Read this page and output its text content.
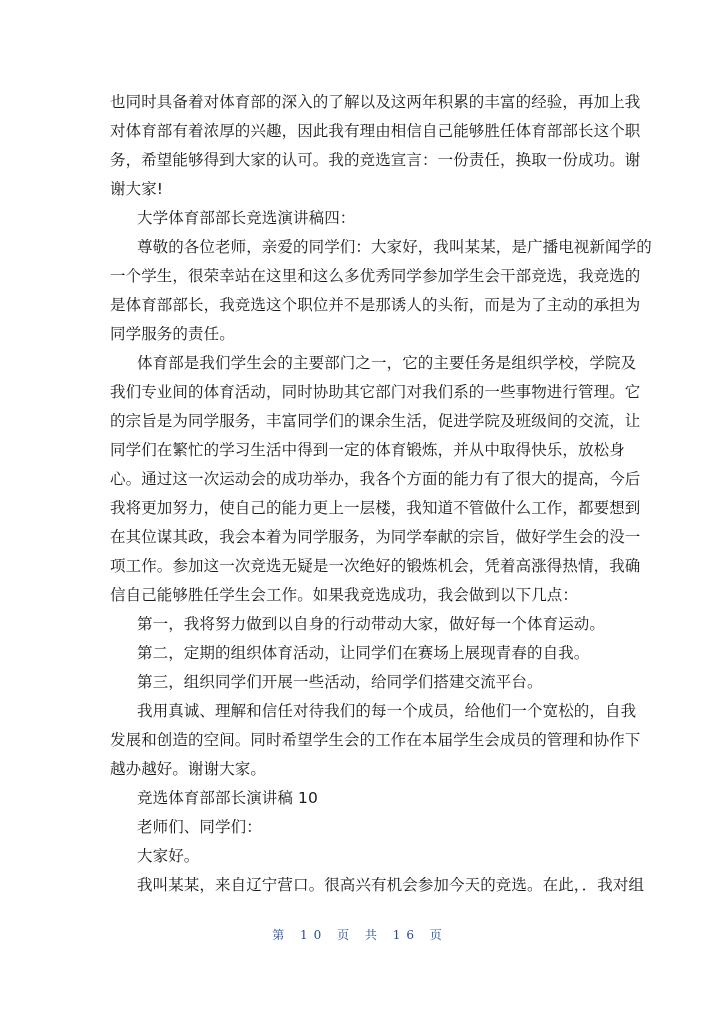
也同时具备着对体育部的深入的了解以及这两年积累的丰富的经验，再加上我
对体育部有着浓厚的兴趣，因此我有理由相信自己能够胜任体育部部长这个职
务，希望能够得到大家的认可。我的竞选宣言：一份责任，换取一份成功。谢
谢大家!
大学体育部部长竞选演讲稿四：
尊敬的各位老师，亲爱的同学们：大家好，我叫某某，是广播电视新闻学的
一个学生，很荣幸站在这里和这么多优秀同学参加学生会干部竞选，我竞选的
是体育部部长，我竞选这个职位并不是那诱人的头衔，而是为了主动的承担为
同学服务的责任。
体育部是我们学生会的主要部门之一，它的主要任务是组织学校，学院及
我们专业间的体育活动，同时协助其它部门对我们系的一些事物进行管理。它
的宗旨是为同学服务，丰富同学们的课余生活，促进学院及班级间的交流，让
同学们在繁忙的学习生活中得到一定的体育锻炼，并从中取得快乐，放松身
心。通过这一次运动会的成功举办，我各个方面的能力有了很大的提高，今后
我将更加努力，使自己的能力更上一层楼，我知道不管做什么工作，都要想到
在其位谋其政，我会本着为同学服务，为同学奉献的宗旨，做好学生会的没一
项工作。参加这一次竞选无疑是一次绝好的锻炼机会，凭着高涨得热情，我确
信自己能够胜任学生会工作。如果我竞选成功，我会做到以下几点：
第一，我将努力做到以自身的行动带动大家，做好每一个体育运动。
第二，定期的组织体育活动，让同学们在赛场上展现青春的自我。
第三，组织同学们开展一些活动，给同学们搭建交流平台。
我用真诚、理解和信任对待我们的每一个成员，给他们一个宽松的，自我
发展和创造的空间。同时希望学生会的工作在本届学生会成员的管理和协作下
越办越好。谢谢大家。
竞选体育部部长演讲稿 10
老师们、同学们：
大家好。
我叫某某，来自辽宁营口。很高兴有机会参加今天的竞选。在此，．我对组
第 10 页 共 16 页
